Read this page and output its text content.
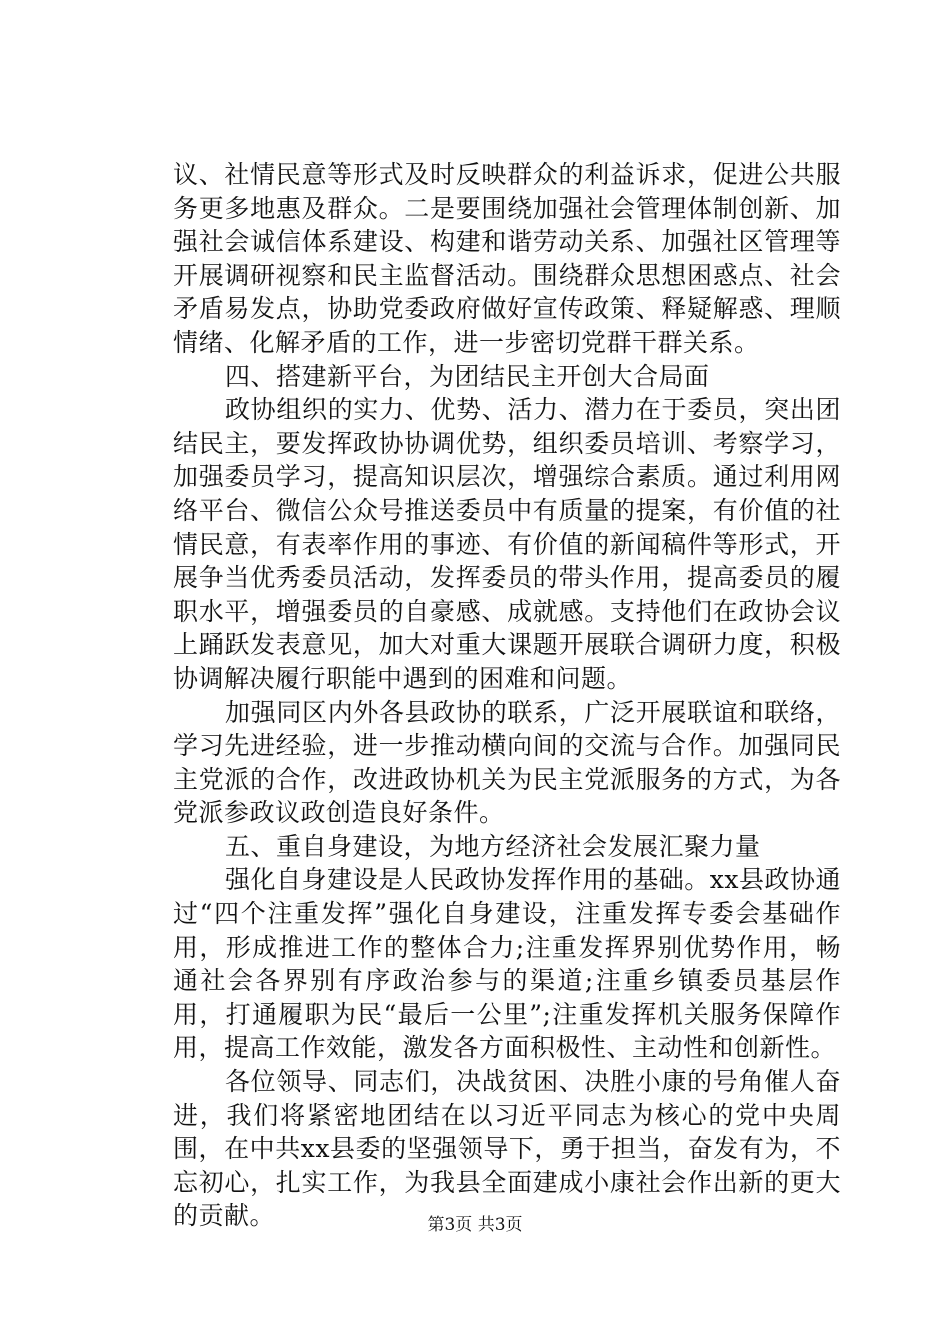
议、社情民意等形式及时反映群众的利益诉求，促进公共服务更多地惠及群众。二是要围绕加强社会管理体制创新、加强社会诚信体系建设、构建和谐劳动关系、加强社区管理等开展调研视察和民主监督活动。围绕群众思想困惑点、社会矛盾易发点，协助党委政府做好宣传政策、释疑解惑、理顺情绪、化解矛盾的工作，进一步密切党群干群关系。

四、搭建新平台，为团结民主开创大合局面

政协组织的实力、优势、活力、潜力在于委员，突出团结民主，要发挥政协协调优势，组织委员培训、考察学习，加强委员学习，提高知识层次，增强综合素质。通过利用网络平台、微信公众号推送委员中有质量的提案，有价值的社情民意，有表率作用的事迹、有价值的新闻稿件等形式，开展争当优秀委员活动，发挥委员的带头作用，提高委员的履职水平，增强委员的自豪感、成就感。支持他们在政协会议上踊跃发表意见，加大对重大课题开展联合调研力度，积极协调解决履行职能中遇到的困难和问题。

加强同区内外各县政协的联系，广泛开展联谊和联络，学习先进经验，进一步推动横向间的交流与合作。加强同民主党派的合作，改进政协机关为民主党派服务的方式，为各党派参政议政创造良好条件。

五、重自身建设，为地方经济社会发展汇聚力量

强化自身建设是人民政协发挥作用的基础。xx县政协通过“四个注重发挥”强化自身建设，注重发挥专委会基础作用，形成推进工作的整体合力;注重发挥界别优势作用，畅通社会各界别有序政治参与的渠道;注重乡镇委员基层作用，打通履职为民“最后一公里”;注重发挥机关服务保障作用，提高工作效能，激发各方面积极性、主动性和创新性。

各位领导、同志们，决战贫困、决胜小康的号角催人奋进，我们将紧密地团结在以习近平同志为核心的党中央周围，在中共xx县委的坚强领导下，勇于担当，奋发有为，不忘初心，扎实工作，为我县全面建成小康社会作出新的更大的贡献。	第3页 共3页
